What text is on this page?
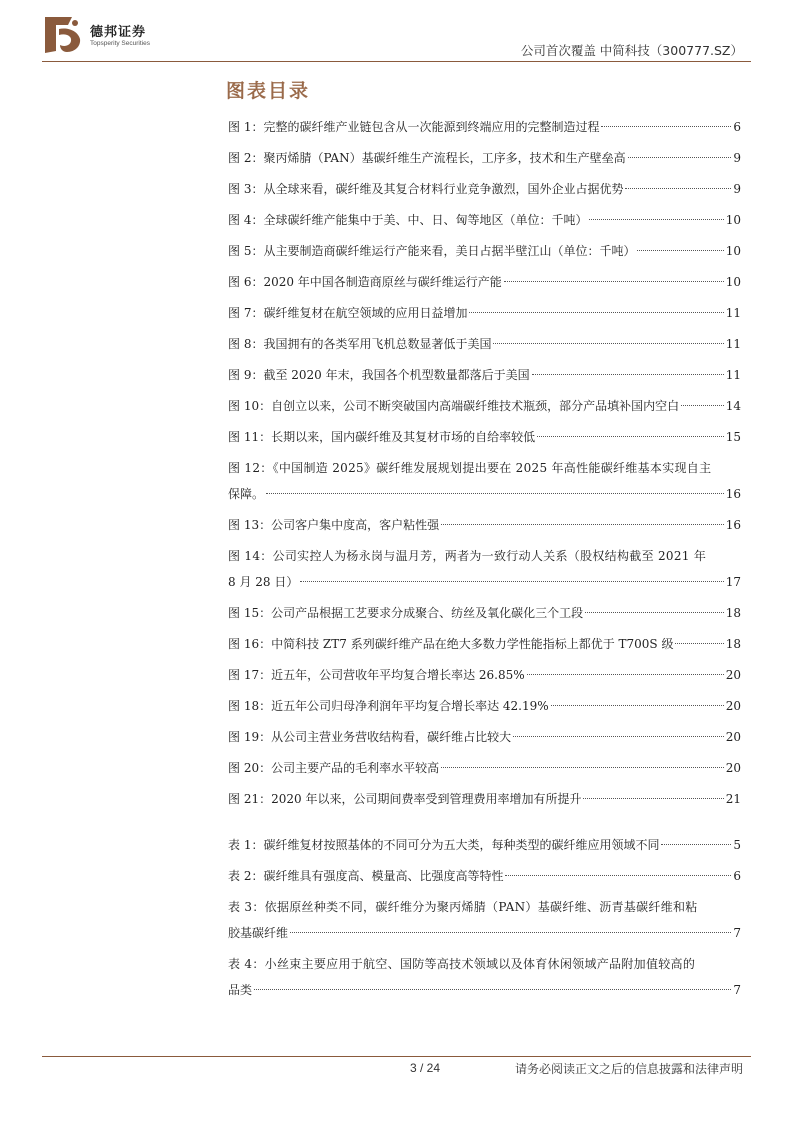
德邦证券
Topsperity Securities	公司首次覆盖 中简科技（300777.SZ）
图表目录
图 1：完整的碳纤维产业链包含从一次能源到终端应用的完整制造过程	6
图 2：聚丙烯腈（PAN）基碳纤维生产流程长，工序多，技术和生产壁垒高	9
图 3：从全球来看，碳纤维及其复合材料行业竞争激烈，国外企业占据优势	9
图 4：全球碳纤维产能集中于美、中、日、匈等地区（单位：千吨）	10
图 5：从主要制造商碳纤维运行产能来看，美日占据半壁江山（单位：千吨）	10
图 6：2020 年中国各制造商原丝与碳纤维运行产能	10
图 7：碳纤维复材在航空领域的应用日益增加	11
图 8：我国拥有的各类军用飞机总数显著低于美国	11
图 9：截至 2020 年末，我国各个机型数量都落后于美国	11
图 10：自创立以来，公司不断突破国内高端碳纤维技术瓶颈，部分产品填补国内空白	14
图 11：长期以来，国内碳纤维及其复材市场的自给率较低	15
图 12：《中国制造 2025》碳纤维发展规划提出要在 2025 年高性能碳纤维基本实现自主
保障。	16
图 13：公司客户集中度高，客户粘性强	16
图 14：公司实控人为杨永岗与温月芳，两者为一致行动人关系（股权结构截至 2021 年
8 月 28 日）	17
图 15：公司产品根据工艺要求分成聚合、纺丝及氧化碳化三个工段	18
图 16：中简科技 ZT7 系列碳纤维产品在绝大多数力学性能指标上都优于 T700S 级	18
图 17：近五年，公司营收年平均复合增长率达 26.85%	20
图 18：近五年公司归母净利润年平均复合增长率达 42.19%	20
图 19：从公司主营业务营收结构看，碳纤维占比较大	20
图 20：公司主要产品的毛利率水平较高	20
图 21：2020 年以来，公司期间费率受到管理费用率增加有所提升	21
表 1：碳纤维复材按照基体的不同可分为五大类，每种类型的碳纤维应用领域不同	5
表 2：碳纤维具有强度高、模量高、比强度高等特性	6
表 3：依据原丝种类不同，碳纤维分为聚丙烯腈（PAN）基碳纤维、沥青基碳纤维和粘
胶基碳纤维	7
表 4：小丝束主要应用于航空、国防等高技术领域以及体育休闲领域产品附加值较高的
品类	7
3 / 24	请务必阅读正文之后的信息披露和法律声明
